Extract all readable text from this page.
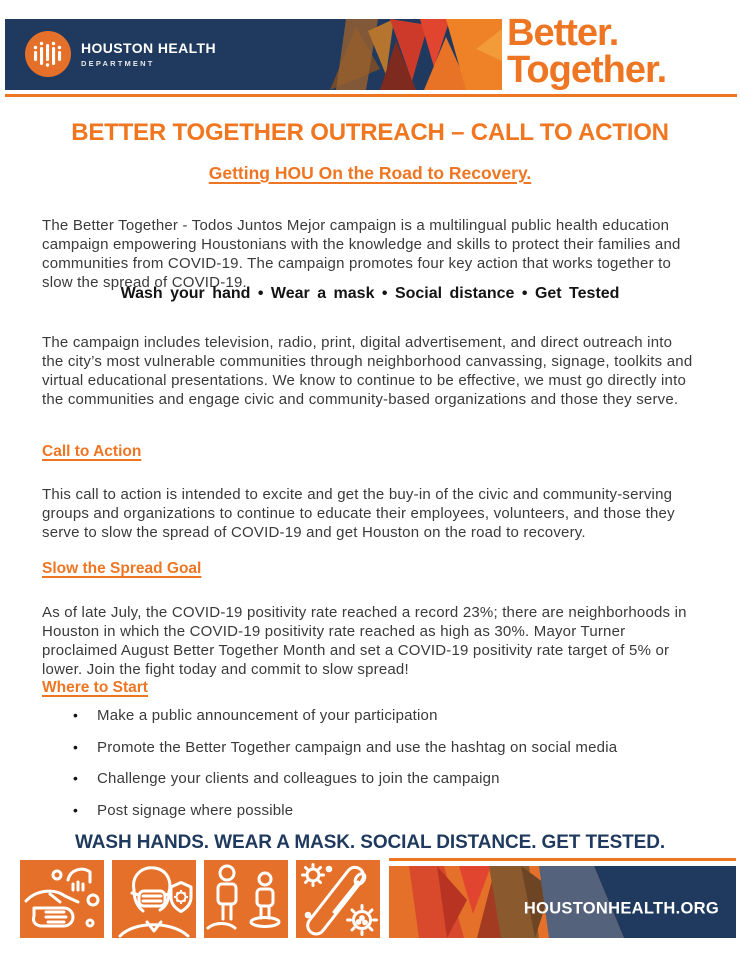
HOUSTON HEALTH
DEPARTMENT
Better.
Together.
BETTER TOGETHER OUTREACH – CALL TO ACTION
Getting HOU On the Road to Recovery.

The Better Together - Todos Juntos Mejor campaign is a multilingual public health education campaign empowering Houstonians with the knowledge and skills to protect their families and communities from COVID-19. The campaign promotes four key action that works together to slow the spread of COVID-19.

Wash your hand • Wear a mask • Social distance • Get Tested

The campaign includes television, radio, print, digital advertisement, and direct outreach into the city’s most vulnerable communities through neighborhood canvassing, signage, toolkits and virtual educational presentations. We know to continue to be effective, we must go directly into the communities and engage civic and community-based organizations and those they serve.

Call to Action

This call to action is intended to excite and get the buy-in of the civic and community-serving groups and organizations to continue to educate their employees, volunteers, and those they serve to slow the spread of COVID-19 and get Houston on the road to recovery.

Slow the Spread Goal

As of late July, the COVID-19 positivity rate reached a record 23%; there are neighborhoods in Houston in which the COVID-19 positivity rate reached as high as 30%. Mayor Turner proclaimed August Better Together Month and set a COVID-19 positivity rate target of 5% or lower. Join the fight today and commit to slow spread!

Where to Start
• Make a public announcement of your participation
• Promote the Better Together campaign and use the hashtag on social media
• Challenge your clients and colleagues to join the campaign
• Post signage where possible
WASH HANDS. WEAR A MASK. SOCIAL DISTANCE. GET TESTED.
HOUSTONHEALTH.ORG
